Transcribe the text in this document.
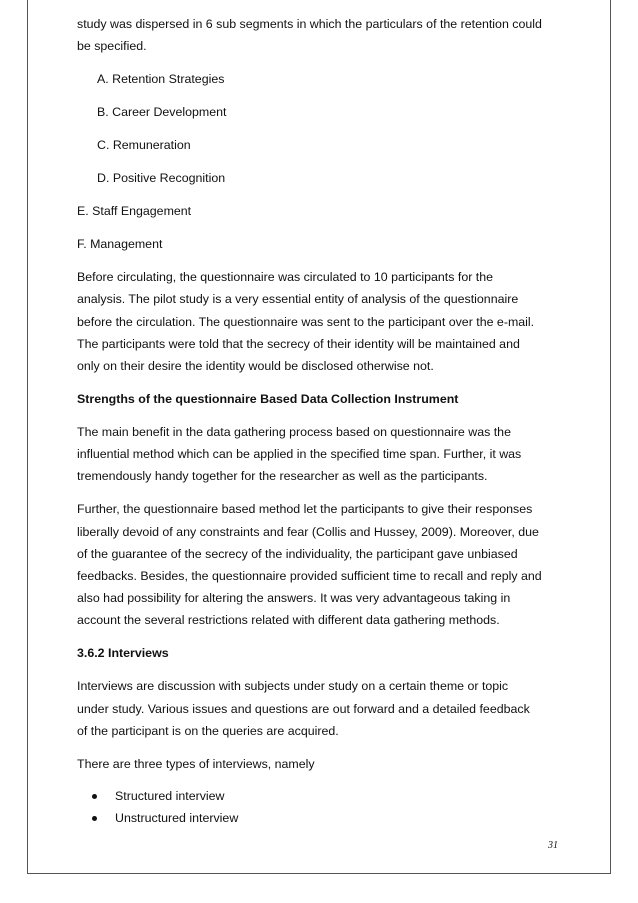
study was dispersed in 6 sub segments in which the particulars of the retention could

be specified.

A. Retention Strategies

B. Career Development

C. Remuneration

D. Positive Recognition

E. Staff Engagement

F. Management

Before circulating, the questionnaire was circulated to 10 participants for the

analysis. The pilot study is a very essential entity of analysis of the questionnaire

before the circulation. The questionnaire was sent to the participant over the e-mail.

The participants were told that the secrecy of their identity will be maintained and

only on their desire the identity would be disclosed otherwise not.

Strengths of the questionnaire Based Data Collection Instrument

The main benefit in the data gathering process based on questionnaire was the

influential method which can be applied in the specified time span. Further, it was

tremendously handy together for the researcher as well as the participants.

Further, the questionnaire based method let the participants to give their responses

liberally devoid of any constraints and fear (Collis and Hussey, 2009). Moreover, due

of the guarantee of the secrecy of the individuality, the participant gave unbiased

feedbacks. Besides, the questionnaire provided sufficient time to recall and reply and

also had possibility for altering the answers. It was very advantageous taking in

account the several restrictions related with different data gathering methods.

3.6.2 Interviews

Interviews are discussion with subjects under study on a certain theme or topic

under study. Various issues and questions are out forward and a detailed feedback

of the participant is on the queries are acquired.

There are three types of interviews, namely

Structured interview
Unstructured interview
31
